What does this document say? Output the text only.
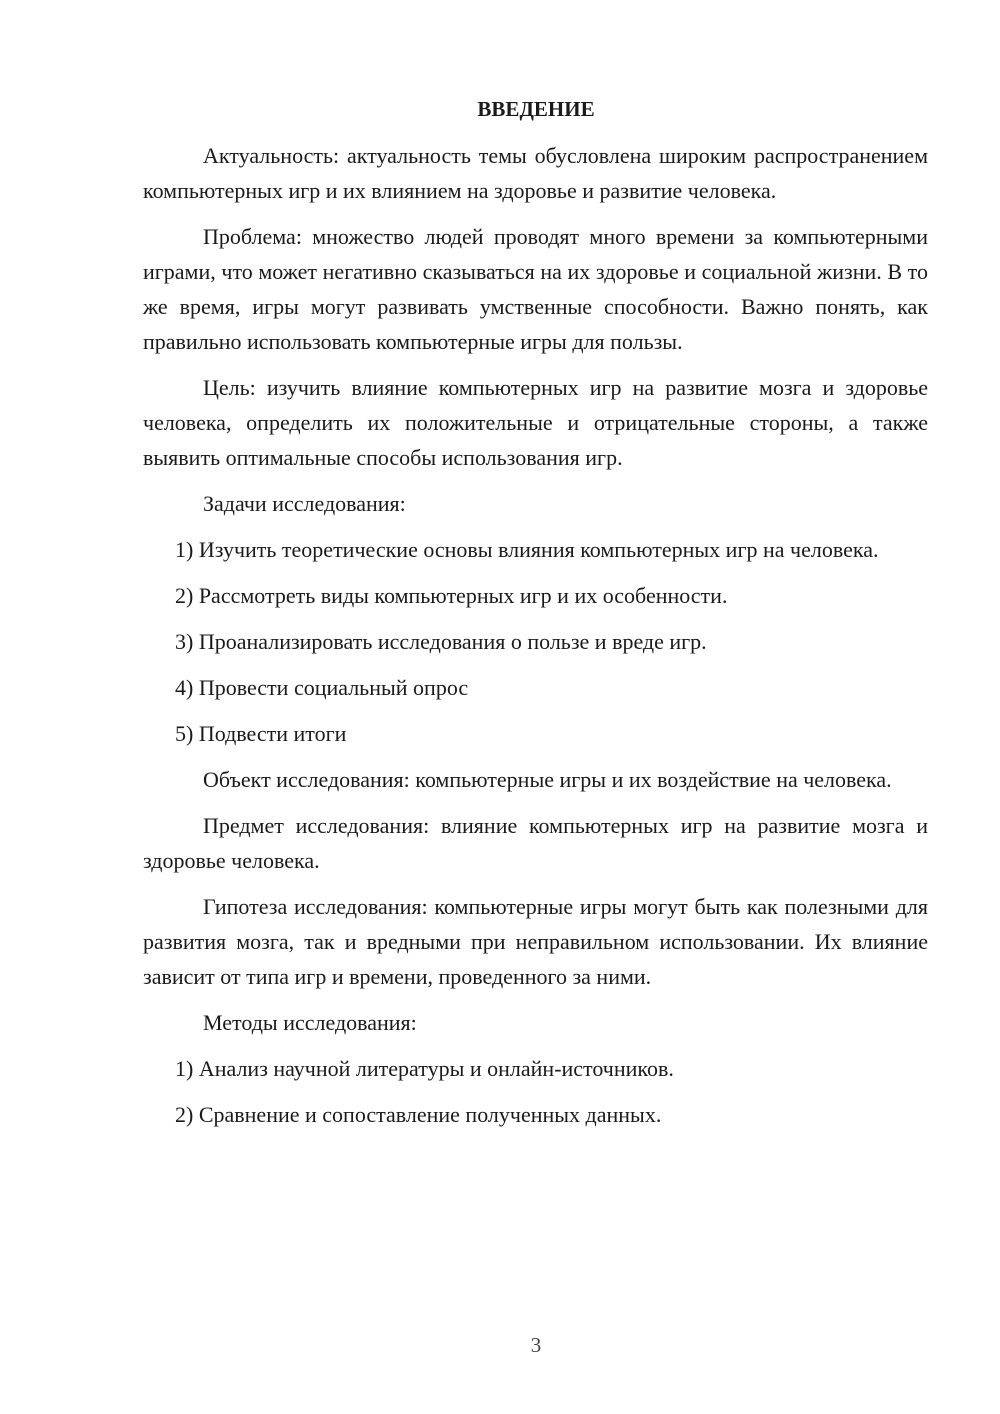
ВВЕДЕНИЕ

Актуальность: актуальность темы обусловлена широким распространением компьютерных игр и их влиянием на здоровье и развитие человека.

Проблема: множество людей проводят много времени за компьютерными играми, что может негативно сказываться на их здоровье и социальной жизни. В то же время, игры могут развивать умственные способности. Важно понять, как правильно использовать компьютерные игры для пользы.

Цель: изучить влияние компьютерных игр на развитие мозга и здоровье человека, определить их положительные и отрицательные стороны, а также выявить оптимальные способы использования игр.

Задачи исследования:

1) Изучить теоретические основы влияния компьютерных игр на человека.

2) Рассмотреть виды компьютерных игр и их особенности.

3) Проанализировать исследования о пользе и вреде игр.

4) Провести социальный опрос

5) Подвести итоги

Объект исследования: компьютерные игры и их воздействие на человека.

Предмет исследования: влияние компьютерных игр на развитие мозга и здоровье человека.

Гипотеза исследования: компьютерные игры могут быть как полезными для развития мозга, так и вредными при неправильном использовании. Их влияние зависит от типа игр и времени, проведенного за ними.

Методы исследования:

1) Анализ научной литературы и онлайн-источников.

2) Сравнение и сопоставление полученных данных.

3
